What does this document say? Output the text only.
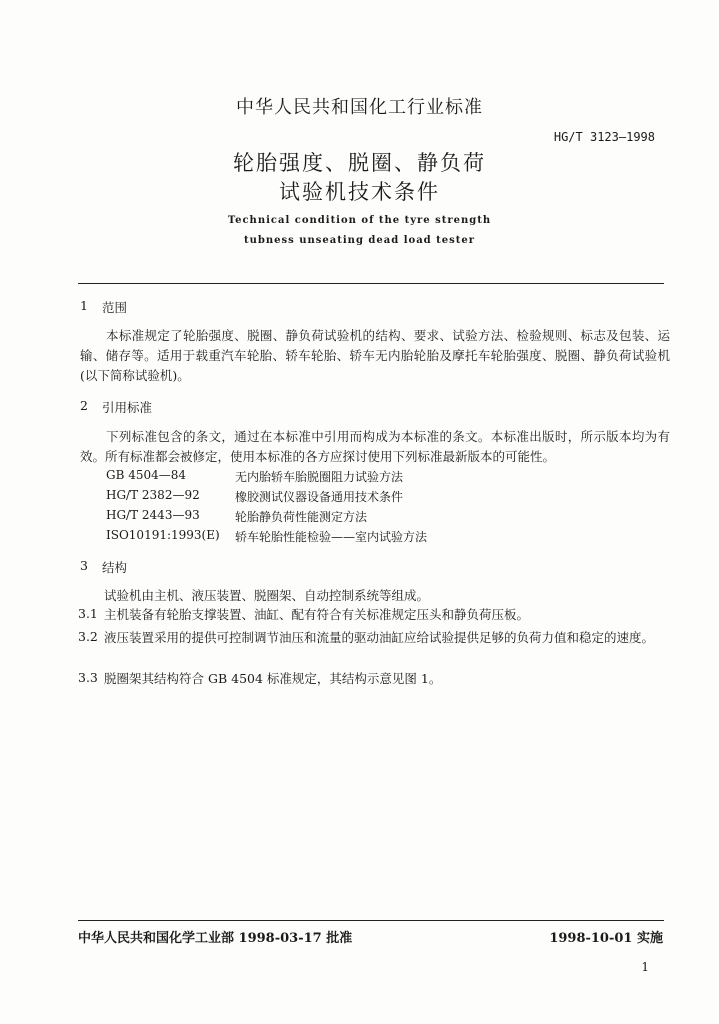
中华人民共和国化工行业标准
HG/T 3123—1998
轮胎强度、脱圈、静负荷
试验机技术条件
Technical condition of the tyre strength
tubness unseating dead load tester
1 范围
本标准规定了轮胎强度、脱圈、静负荷试验机的结构、要求、试验方法、检验规则、标志及包装、运输、储存等。适用于载重汽车轮胎、轿车轮胎、轿车无内胎轮胎及摩托车轮胎强度、脱圈、静负荷试验机(以下简称试验机)。
2 引用标准
下列标准包含的条文，通过在本标准中引用而构成为本标准的条文。本标准出版时，所示版本均为有效。所有标准都会被修定，使用本标准的各方应探讨使用下列标准最新版本的可能性。
GB 4504—84	无内胎轿车胎脱圈阻力试验方法
HG/T 2382—92	橡胶测试仪器设备通用技术条件
HG/T 2443—93	轮胎静负荷性能测定方法
ISO10191:1993(E) 轿车轮胎性能检验——室内试验方法
3 结构
试验机由主机、液压装置、脱圈架、自动控制系统等组成。
3.1 主机装备有轮胎支撑装置、油缸、配有符合有关标准规定压头和静负荷压板。
3.2 液压装置采用的提供可控制调节油压和流量的驱动油缸应给试验提供足够的负荷力值和稳定的速度。
3.3 脱圈架其结构符合 GB 4504 标准规定，其结构示意见图 1。
中华人民共和国化学工业部 1998-03-17 批准	1998-10-01 实施
1
